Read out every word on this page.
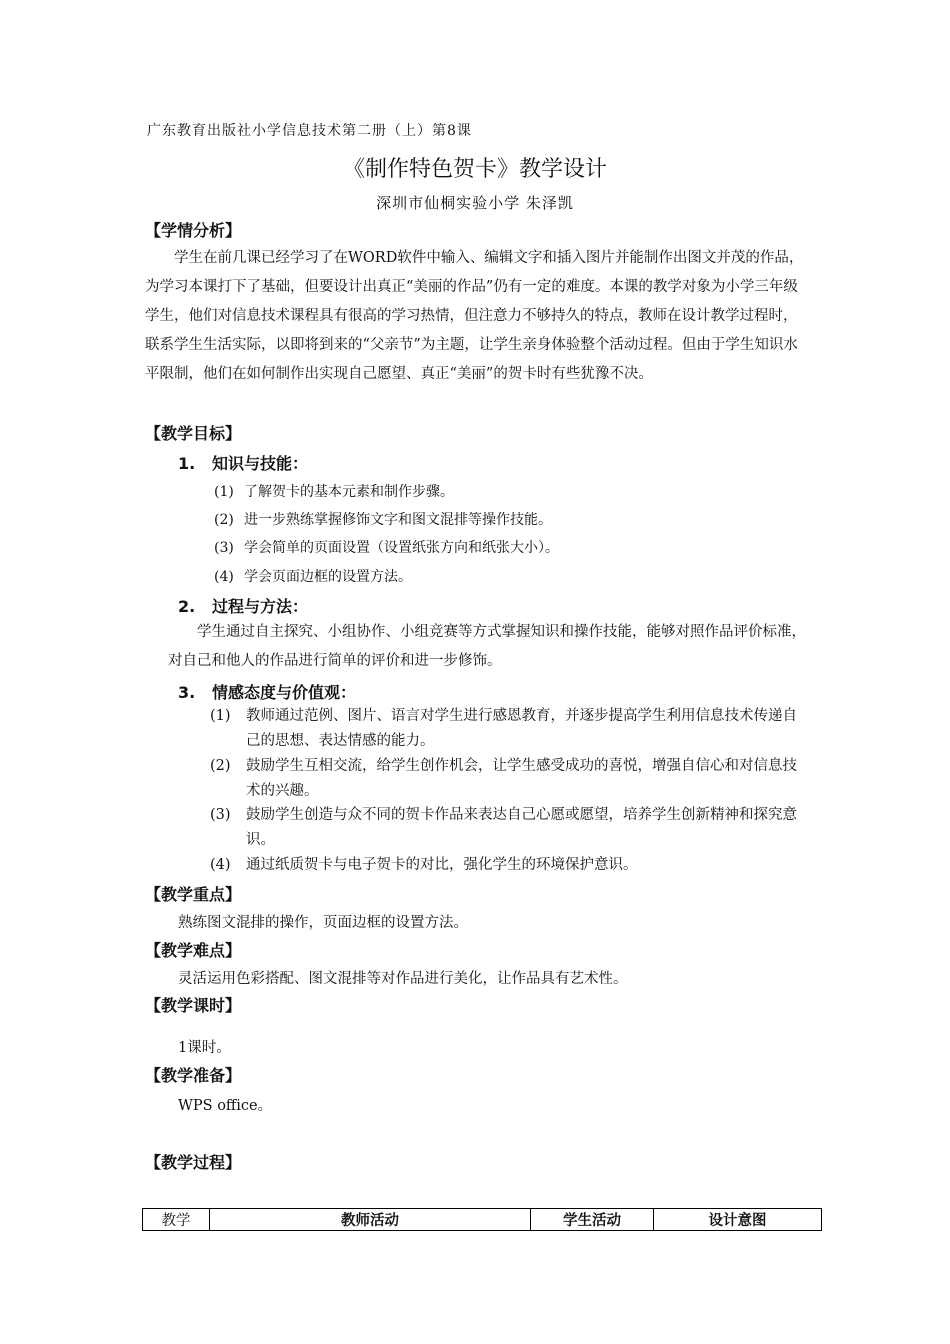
广东教育出版社小学信息技术第二册（上）第8课
《制作特色贺卡》教学设计
深圳市仙桐实验小学 朱泽凯
【学情分析】
学生在前几课已经学习了在WORD软件中输入、编辑文字和插入图片并能制作出图文并茂的作品，为学习本课打下了基础，但要设计出真正“美丽的作品”仍有一定的难度。本课的教学对象为小学三年级学生，他们对信息技术课程具有很高的学习热情，但注意力不够持久的特点，教师在设计教学过程时，联系学生生活实际，以即将到来的“父亲节”为主题，让学生亲身体验整个活动过程。但由于学生知识水平限制，他们在如何制作出实现自己愿望、真正“美丽”的贺卡时有些犹豫不决。
【教学目标】
1. 知识与技能：
(1) 了解贺卡的基本元素和制作步骤。
(2) 进一步熟练掌握修饰文字和图文混排等操作技能。
(3) 学会简单的页面设置（设置纸张方向和纸张大小）。
(4) 学会页面边框的设置方法。
2. 过程与方法：
学生通过自主探究、小组协作、小组竞赛等方式掌握知识和操作技能，能够对照作品评价标准，对自己和他人的作品进行简单的评价和进一步修饰。
3. 情感态度与价值观：
(1) 教师通过范例、图片、语言对学生进行感恩教育，并逐步提高学生利用信息技术传递自己的思想、表达情感的能力。
(2) 鼓励学生互相交流，给学生创作机会，让学生感受成功的喜悦，增强自信心和对信息技术的兴趣。
(3) 鼓励学生创造与众不同的贺卡作品来表达自己心愿或愿望，培养学生创新精神和探究意识。
(4) 通过纸质贺卡与电子贺卡的对比，强化学生的环境保护意识。
【教学重点】
熟练图文混排的操作，页面边框的设置方法。
【教学难点】
灵活运用色彩搭配、图文混排等对作品进行美化，让作品具有艺术性。
【教学课时】
1课时。
【教学准备】
WPS office。
【教学过程】
教学	教师活动	学生活动	设计意图
